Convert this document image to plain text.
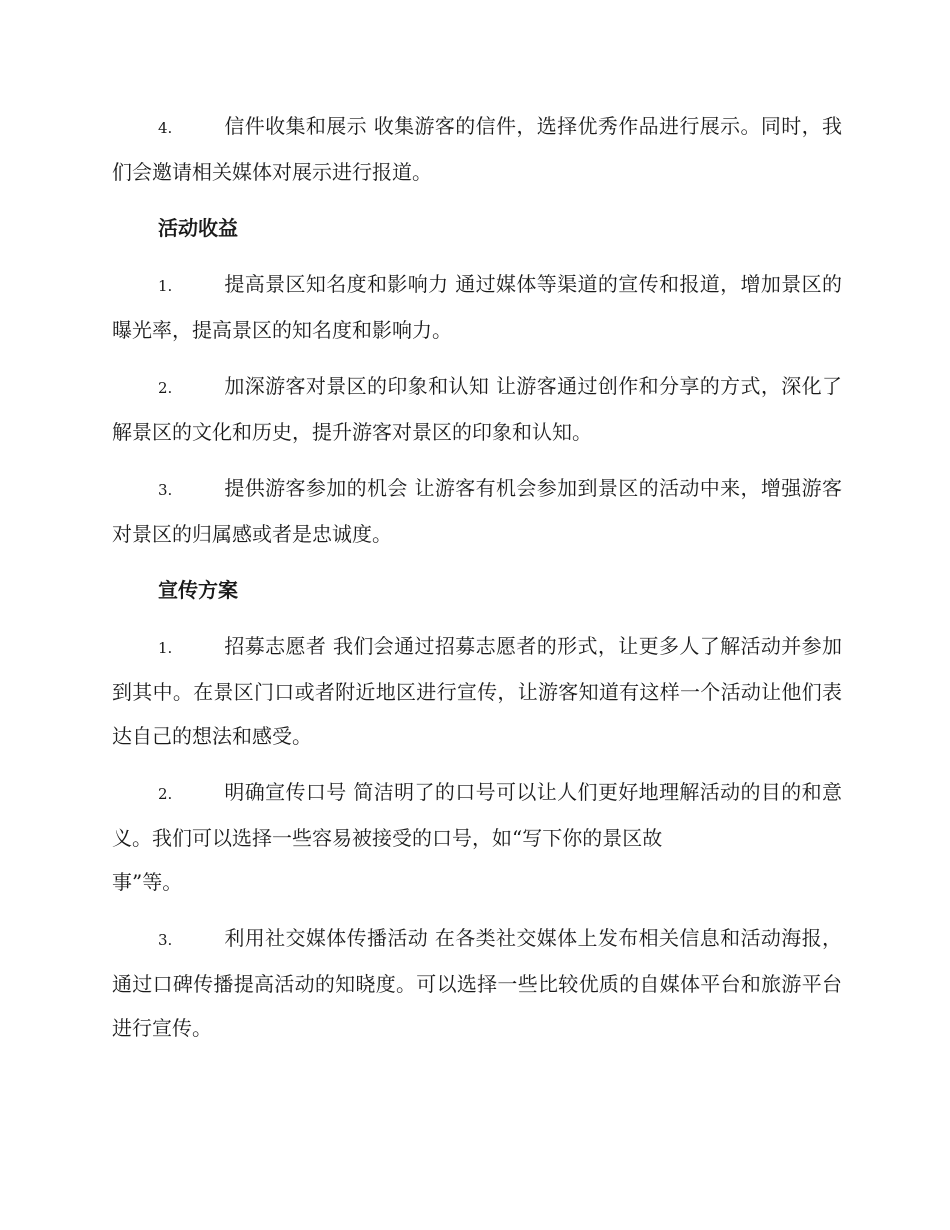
4.	信件收集和展示 收集游客的信件，选择优秀作品进行展示。同时，我们会邀请相关媒体对展示进行报道。

活动收益

1.	提高景区知名度和影响力 通过媒体等渠道的宣传和报道，增加景区的曝光率，提高景区的知名度和影响力。

2.	加深游客对景区的印象和认知 让游客通过创作和分享的方式，深化了解景区的文化和历史，提升游客对景区的印象和认知。

3.	提供游客参加的机会 让游客有机会参加到景区的活动中来，增强游客对景区的归属感或者是忠诚度。

宣传方案

1.	招募志愿者 我们会通过招募志愿者的形式，让更多人了解活动并参加到其中。在景区门口或者附近地区进行宣传，让游客知道有这样一个活动让他们表达自己的想法和感受。

2.	明确宣传口号 简洁明了的口号可以让人们更好地理解活动的目的和意义。我们可以选择一些容易被接受的口号，如“写下你的景区故
事”等。

3.	利用社交媒体传播活动 在各类社交媒体上发布相关信息和活动海报，通过口碑传播提高活动的知晓度。可以选择一些比较优质的自媒体平台和旅游平台进行宣传。
